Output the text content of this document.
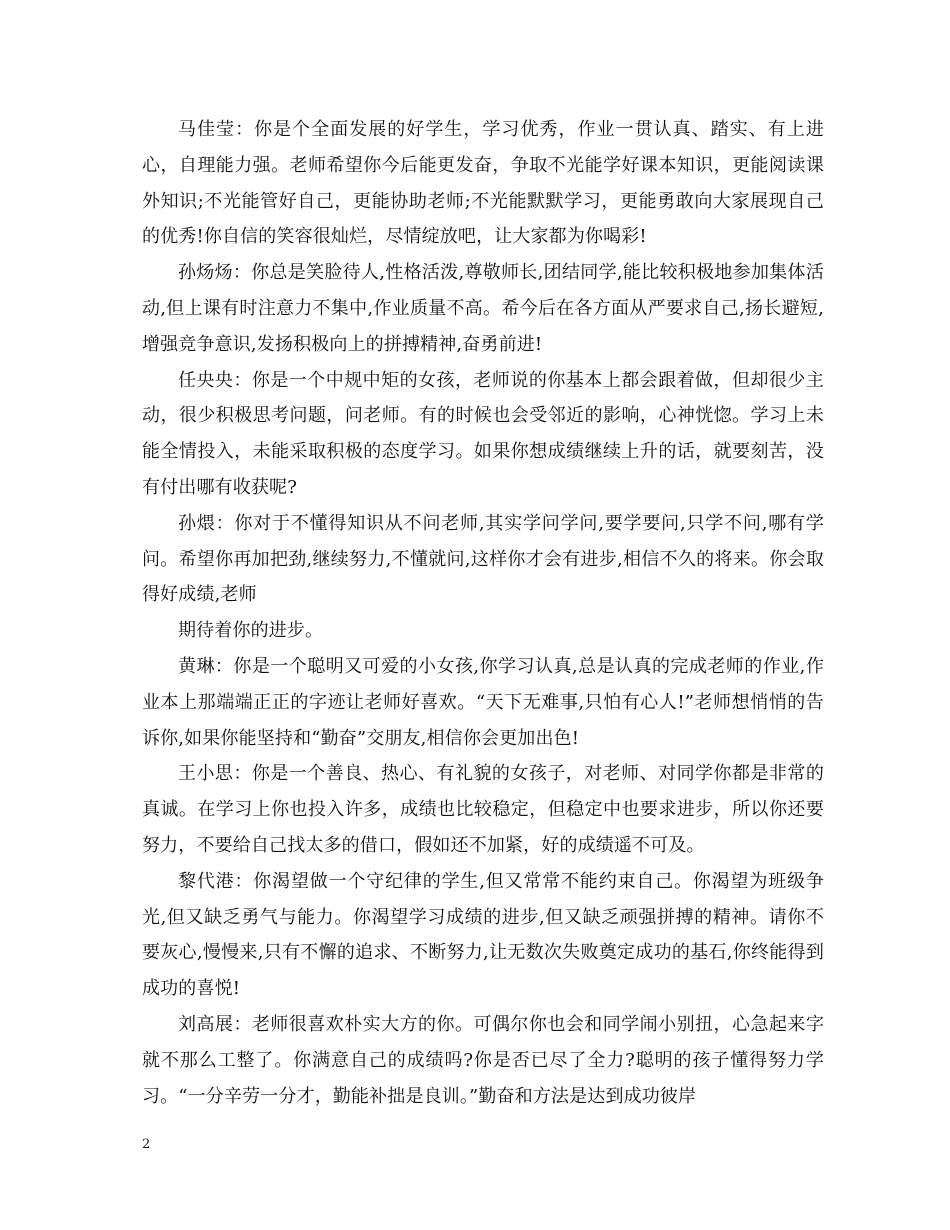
马佳莹：你是个全面发展的好学生，学习优秀，作业一贯认真、踏实、有上进心，自理能力强。老师希望你今后能更发奋，争取不光能学好课本知识，更能阅读课外知识;不光能管好自己，更能协助老师;不光能默默学习，更能勇敢向大家展现自己的优秀!你自信的笑容很灿烂，尽情绽放吧，让大家都为你喝彩!

孙炀炀：你总是笑脸待人,性格活泼,尊敬师长,团结同学,能比较积极地参加集体活动,但上课有时注意力不集中,作业质量不高。希今后在各方面从严要求自己,扬长避短,增强竞争意识,发扬积极向上的拼搏精神,奋勇前进!

任央央：你是一个中规中矩的女孩，老师说的你基本上都会跟着做，但却很少主动，很少积极思考问题，问老师。有的时候也会受邻近的影响，心神恍惚。学习上未能全情投入，未能采取积极的态度学习。如果你想成绩继续上升的话，就要刻苦，没有付出哪有收获呢?

孙煨：你对于不懂得知识从不问老师,其实学问学问,要学要问,只学不问,哪有学问。希望你再加把劲,继续努力,不懂就问,这样你才会有进步,相信不久的将来。你会取得好成绩,老师

期待着你的进步。

黄琳：你是一个聪明又可爱的小女孩,你学习认真,总是认真的完成老师的作业,作业本上那端端正正的字迹让老师好喜欢。“天下无难事,只怕有心人!”老师想悄悄的告诉你,如果你能坚持和“勤奋”交朋友,相信你会更加出色!

王小思：你是一个善良、热心、有礼貌的女孩子，对老师、对同学你都是非常的真诚。在学习上你也投入许多，成绩也比较稳定，但稳定中也要求进步，所以你还要努力，不要给自己找太多的借口，假如还不加紧，好的成绩遥不可及。

黎代港：你渴望做一个守纪律的学生,但又常常不能约束自己。你渴望为班级争光,但又缺乏勇气与能力。你渴望学习成绩的进步,但又缺乏顽强拼搏的精神。请你不要灰心,慢慢来,只有不懈的追求、不断努力,让无数次失败奠定成功的基石,你终能得到成功的喜悦!

刘高展：老师很喜欢朴实大方的你。可偶尔你也会和同学闹小别扭，心急起来字就不那么工整了。你满意自己的成绩吗?你是否已尽了全力?聪明的孩子懂得努力学习。“一分辛劳一分才，勤能补拙是良训。”勤奋和方法是达到成功彼岸

2
